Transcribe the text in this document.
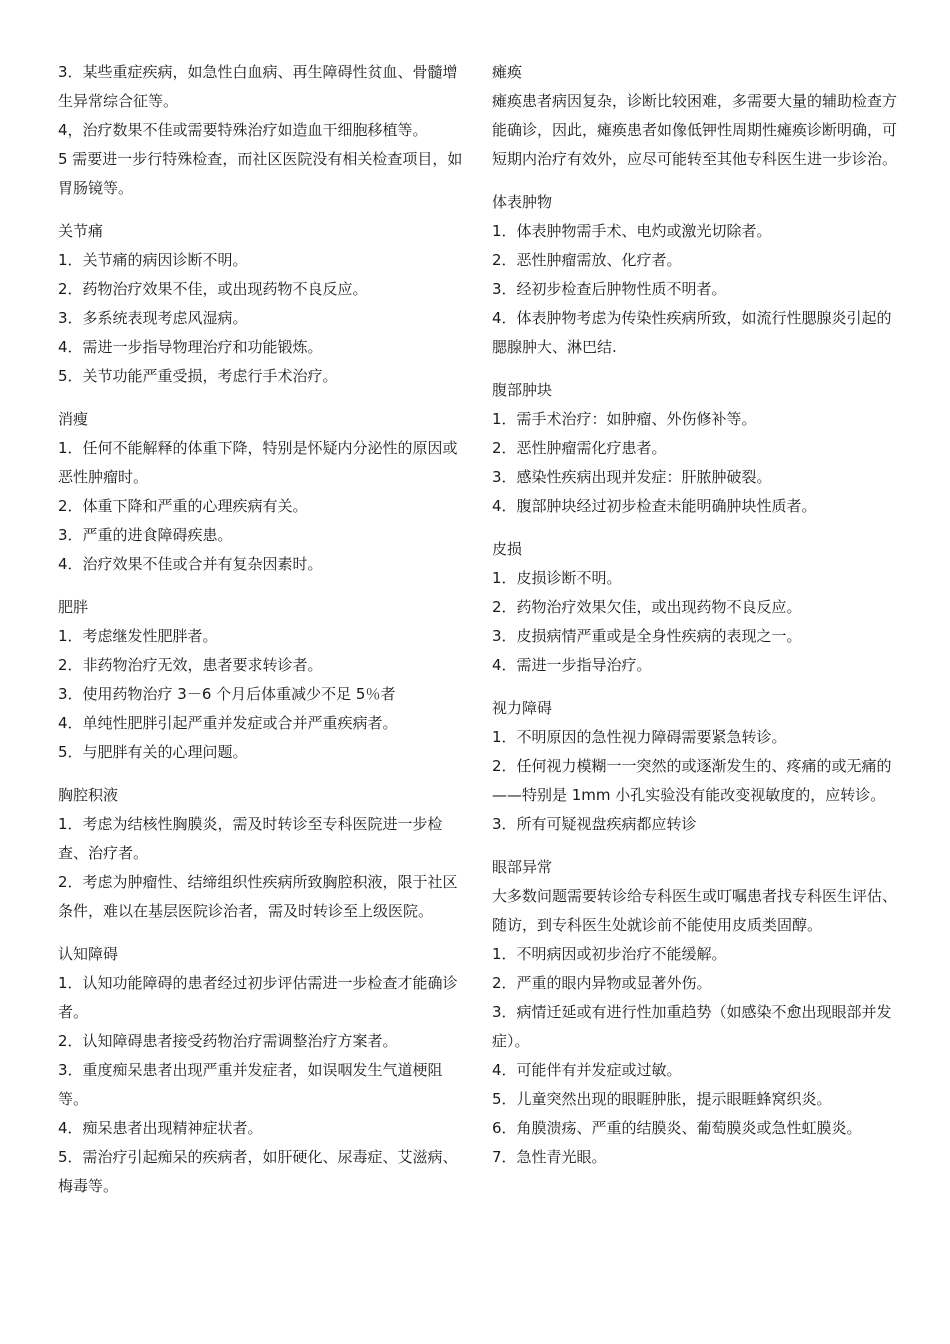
3．某些重症疾病，如急性白血病、再生障碍性贫血、骨髓增生异常综合征等。
4，治疗数果不佳或需要特殊治疗如造血干细胞移植等。
5 需要进一步行特殊检查，而社区医院没有相关检查项目，如胃肠镜等。
关节痛
1．关节痛的病因诊断不明。
2．药物治疗效果不佳，或出现药物不良反应。
3．多系统表现考虑风湿病。
4．需进一步指导物理治疗和功能锻炼。
5．关节功能严重受损，考虑行手术治疗。
消瘦
1．任何不能解释的体重下降，特别是怀疑内分泌性的原因或恶性肿瘤时。
2．体重下降和严重的心理疾病有关。
3．严重的进食障碍疾患。
4．治疗效果不佳或合并有复杂因素时。
肥胖
1．考虑继发性肥胖者。
2．非药物治疗无效，患者要求转诊者。
3．使用药物治疗 3－6 个月后体重减少不足 5％者
4．单纯性肥胖引起严重并发症或合并严重疾病者。
5．与肥胖有关的心理问题。
胸腔积液
1．考虑为结核性胸膜炎，需及时转诊至专科医院进一步检查、治疗者。
2．考虑为肿瘤性、结缔组织性疾病所致胸腔积液，限于社区条件，难以在基层医院诊治者，需及时转诊至上级医院。
认知障碍
1．认知功能障碍的患者经过初步评估需进一步检查才能确诊者。
2．认知障碍患者接受药物治疗需调整治疗方案者。
3．重度痴呆患者出现严重并发症者，如误咽发生气道梗阻等。
4．痴呆患者出现精神症状者。
5．需治疗引起痴呆的疾病者，如肝硬化、尿毒症、艾滋病、梅毒等。
瘫痪
瘫痪患者病因复杂，诊断比较困难，多需要大量的辅助检查方能确诊，因此，瘫痪患者如像低钾性周期性瘫痪诊断明确，可短期内治疗有效外，应尽可能转至其他专科医生进一步诊治。
体表肿物
1．体表肿物需手术、电灼或激光切除者。
2．恶性肿瘤需放、化疗者。
3．经初步检查后肿物性质不明者。
4．体表肿物考虑为传染性疾病所致，如流行性腮腺炎引起的腮腺肿大、淋巴结.
腹部肿块
1．需手术治疗：如肿瘤、外伤修补等。
2．恶性肿瘤需化疗患者。
3．感染性疾病出现并发症：肝脓肿破裂。
4．腹部肿块经过初步检查未能明确肿块性质者。
皮损
1．皮损诊断不明。
2．药物治疗效果欠佳，或出现药物不良反应。
3．皮损病情严重或是全身性疾病的表现之一。
4．需进一步指导治疗。
视力障碍
1．不明原因的急性视力障碍需要紧急转诊。
2．任何视力模糊一一突然的或逐渐发生的、疼痛的或无痛的——特别是 1mm 小孔实验没有能改变视敏度的，应转诊。
3．所有可疑视盘疾病都应转诊
眼部异常
大多数问题需要转诊给专科医生或叮嘱患者找专科医生评估、随访，到专科医生处就诊前不能使用皮质类固醇。
1．不明病因或初步治疗不能缓解。
2．严重的眼内异物或显著外伤。
3．病情迁延或有进行性加重趋势（如感染不愈出现眼部并发症）。
4．可能伴有并发症或过敏。
5．儿童突然出现的眼睚肿胀，提示眼睚蜂窝织炎。
6．角膜溃疡、严重的结膜炎、葡萄膜炎或急性虹膜炎。
7．急性青光眼。
